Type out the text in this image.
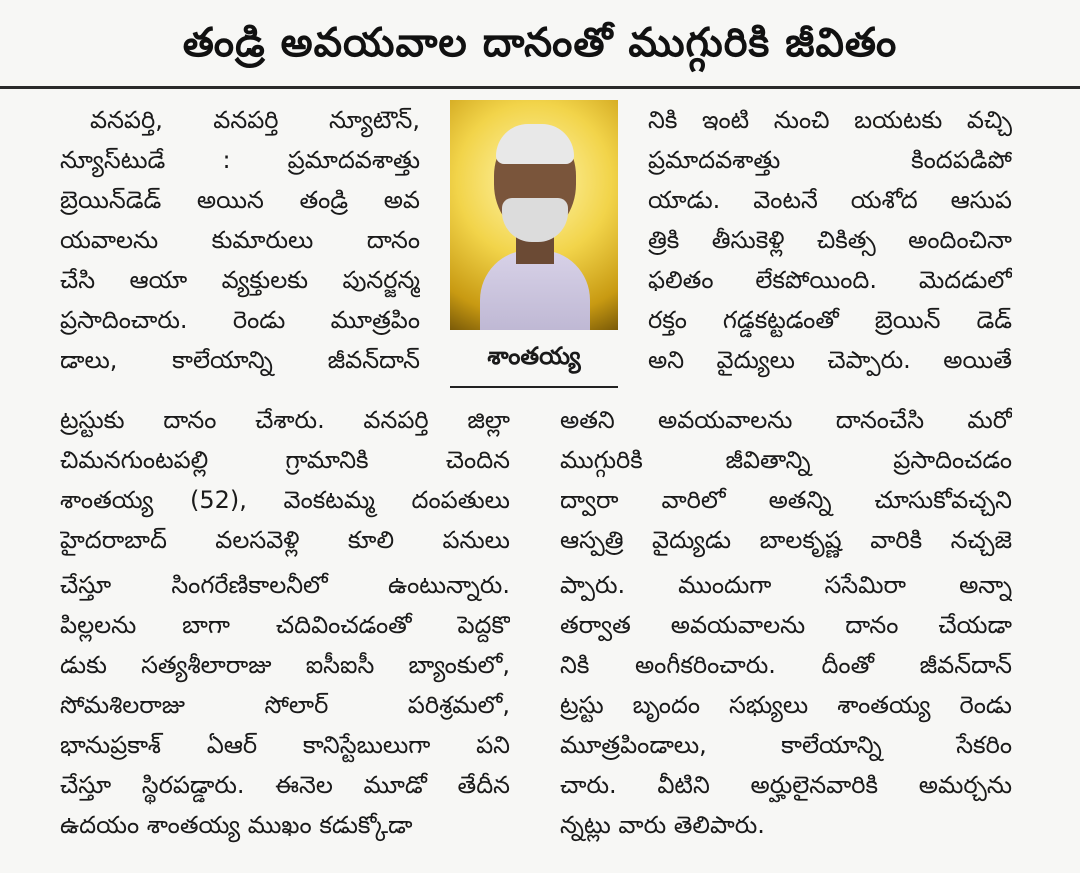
తండ్రి అవయవాల దానంతో ముగ్గురికి జీవితం
శాంతయ్య
వనపర్తి, వనపర్తి న్యూటౌన్,
న్యూస్‌టుడే : ప్రమాదవశాత్తు
బ్రెయిన్‌డెడ్ అయిన తండ్రి అవ
యవాలను కుమారులు దానం
చేసి ఆయా వ్యక్తులకు పునర్జన్మ
ప్రసాదించారు. రెండు మూత్రపిం
డాలు, కాలేయాన్ని జీవన్‌దాన్
ట్రస్టుకు దానం చేశారు. వనపర్తి జిల్లా
చిమనగుంటపల్లి గ్రామానికి చెందిన
శాంతయ్య (52), వెంకటమ్మ దంపతులు
హైదరాబాద్ వలసవెళ్లి కూలి పనులు
చేస్తూ సింగరేణికాలనీలో ఉంటున్నారు.
పిల్లలను బాగా చదివించడంతో పెద్దకొ
డుకు సత్యశీలారాజు ఐసీఐసీ బ్యాంకులో,
సోమశిలరాజు సోలార్ పరిశ్రమలో,
భానుప్రకాశ్ ఏఆర్ కానిస్టేబులుగా పని
చేస్తూ స్థిరపడ్డారు. ఈనెల మూడో తేదీన
ఉదయం శాంతయ్య ముఖం కడుక్కోడా
నికి ఇంటి నుంచి బయటకు వచ్చి
ప్రమాదవశాత్తు కిందపడిపో
యాడు. వెంటనే యశోద ఆసుప
త్రికి తీసుకెళ్లి చికిత్స అందించినా
ఫలితం లేకపోయింది. మెదడులో
రక్తం గడ్డకట్టడంతో బ్రెయిన్ డెడ్
అని వైద్యులు చెప్పారు. అయితే
అతని అవయవాలను దానంచేసి మరో
ముగ్గురికి జీవితాన్ని ప్రసాదించడం
ద్వారా వారిలో అతన్ని చూసుకోవచ్చని
ఆస్పత్రి వైద్యుడు బాలకృష్ణ వారికి నచ్చజె
ప్పారు. ముందుగా ససేమిరా అన్నా
తర్వాత అవయవాలను దానం చేయడా
నికి అంగీకరించారు. దీంతో జీవన్‌దాన్
ట్రస్టు బృందం సభ్యులు శాంతయ్య రెండు
మూత్రపిండాలు, కాలేయాన్ని సేకరిం
చారు. వీటిని అర్హులైనవారికి అమర్చను
న్నట్లు వారు తెలిపారు.
